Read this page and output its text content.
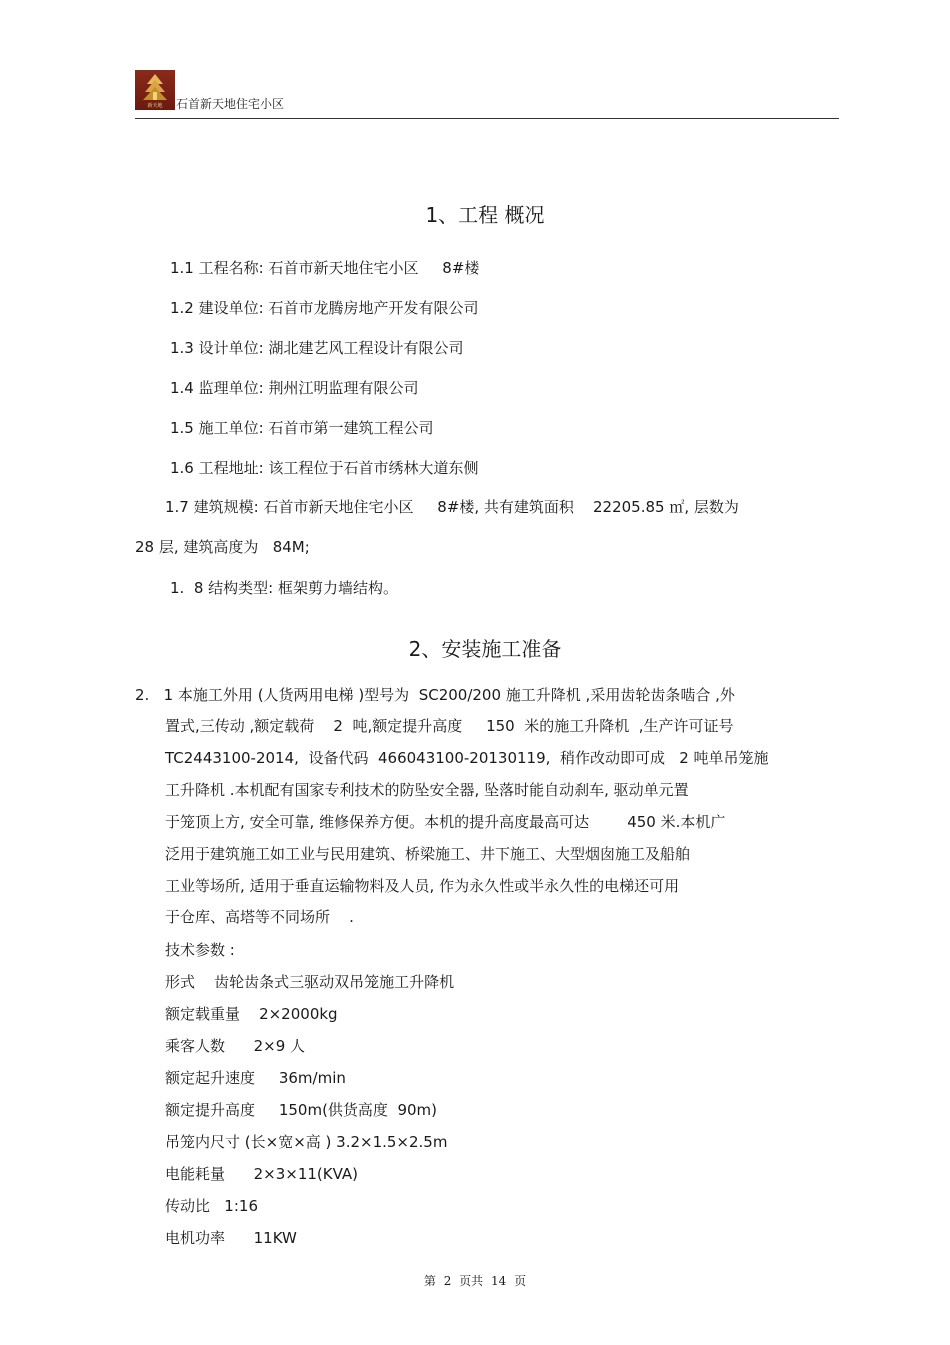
新天地 石首新天地住宅小区
1、工程 概况
1.1 工程名称: 石首市新天地住宅小区     8#楼
1.2 建设单位: 石首市龙腾房地产开发有限公司
1.3 设计单位: 湖北建艺风工程设计有限公司
1.4 监理单位: 荆州江明监理有限公司
1.5 施工单位: 石首市第一建筑工程公司
1.6 工程地址: 该工程位于石首市绣林大道东侧
1.7 建筑规模: 石首市新天地住宅小区     8#楼, 共有建筑面积    22205.85 ㎡, 层数为
28 层, 建筑高度为   84M;
1.  8 结构类型: 框架剪力墙结构。
2、安装施工准备
2.   1 本施工外用 (人货两用电梯 )型号为  SC200/200 施工升降机 ,采用齿轮齿条啮合 ,外
置式,三传动 ,额定载荷    2  吨,额定提升高度     150  米的施工升降机  ,生产许可证号
TC2443100-2014,  设备代码  466043100-20130119,  稍作改动即可成   2 吨单吊笼施
工升降机 .本机配有国家专利技术的防坠安全器, 坠落时能自动刹车, 驱动单元置
于笼顶上方, 安全可靠, 维修保养方便。本机的提升高度最高可达        450 米.本机广
泛用于建筑施工如工业与民用建筑、桥梁施工、井下施工、大型烟囱施工及船舶
工业等场所, 适用于垂直运输物料及人员, 作为永久性或半永久性的电梯还可用
于仓库、高塔等不同场所    .
技术参数 :
形式    齿轮齿条式三驱动双吊笼施工升降机
额定载重量    2×2000kg
乘客人数      2×9 人
额定起升速度     36m/min
额定提升高度     150m(供货高度  90m)
吊笼内尺寸 (长×宽×高 ) 3.2×1.5×2.5m
电能耗量      2×3×11(KVA)
传动比   1:16
电机功率      11KW
第 2 页共 14 页
